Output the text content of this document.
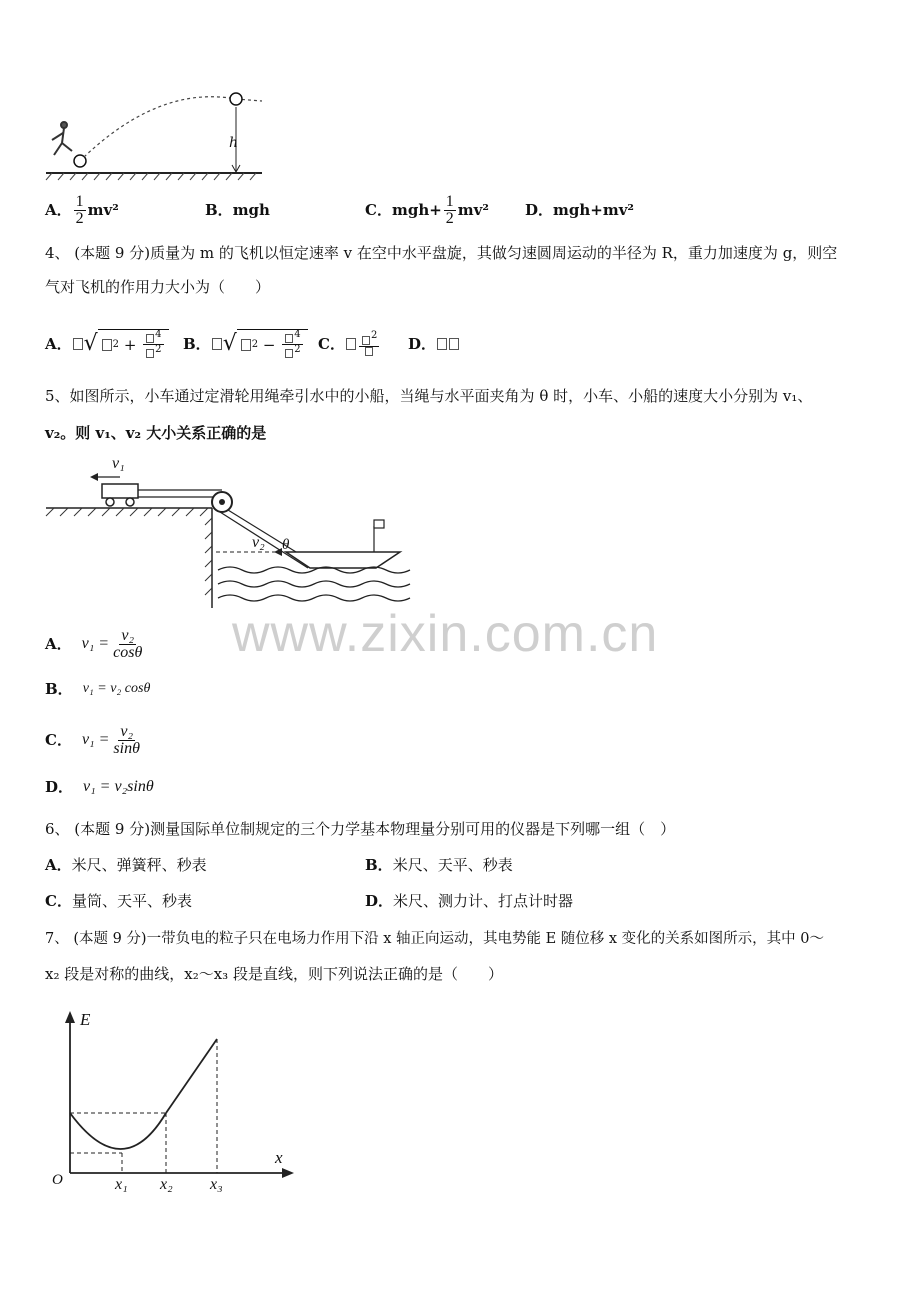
h
A． $\frac{1}{2} mv^2$	B． mgh	C． $mgh+ \frac{1}{2} mv^2$ D． mgh+mv²
4、 (本题 9 分)质量为 m 的飞机以恒定速率 v 在空中水平盘旋，其做匀速圆周运动的半径为 R，重力加速度为 g，则空
气对飞机的作用力大小为（　　）
A． √ $2 + \frac{^4}{^2}$ B． √ $2 - \frac{^4}{^2}$ C．	$^2$ D．
5、如图所示，小车通过定滑轮用绳牵引水中的小船，当绳与水平面夹角为 θ 时，小车、小船的速度大小分别为 v₁、
v₂。则 v₁、v₂ 大小关系正确的是
v₁
v₂ θ
www.zixin.com.cn
A． $v_1 = \frac{\text{v₂}}{\cos\theta}$
B． v₁ = v₂ cosθ
C． $v_1 = \frac{\text{v₂}}{\sin\theta}$
D． v₁ = v₂sinθ
6、 (本题 9 分)测量国际单位制规定的三个力学基本物理量分别可用的仪器是下列哪一组（　）
A．米尺、弹簧秤、秒表	B．米尺、天平、秒表
C．量筒、天平、秒表	D．米尺、测力计、打点计时器
7、 (本题 9 分)一带负电的粒子只在电场力作用下沿 x 轴正向运动，其电势能 E 随位移 x 变化的关系如图所示，其中 0～
x₂ 段是对称的曲线，x₂～x₃ 段是直线，则下列说法正确的是（　　）
E
x
O	x₁ x₂ x₃
